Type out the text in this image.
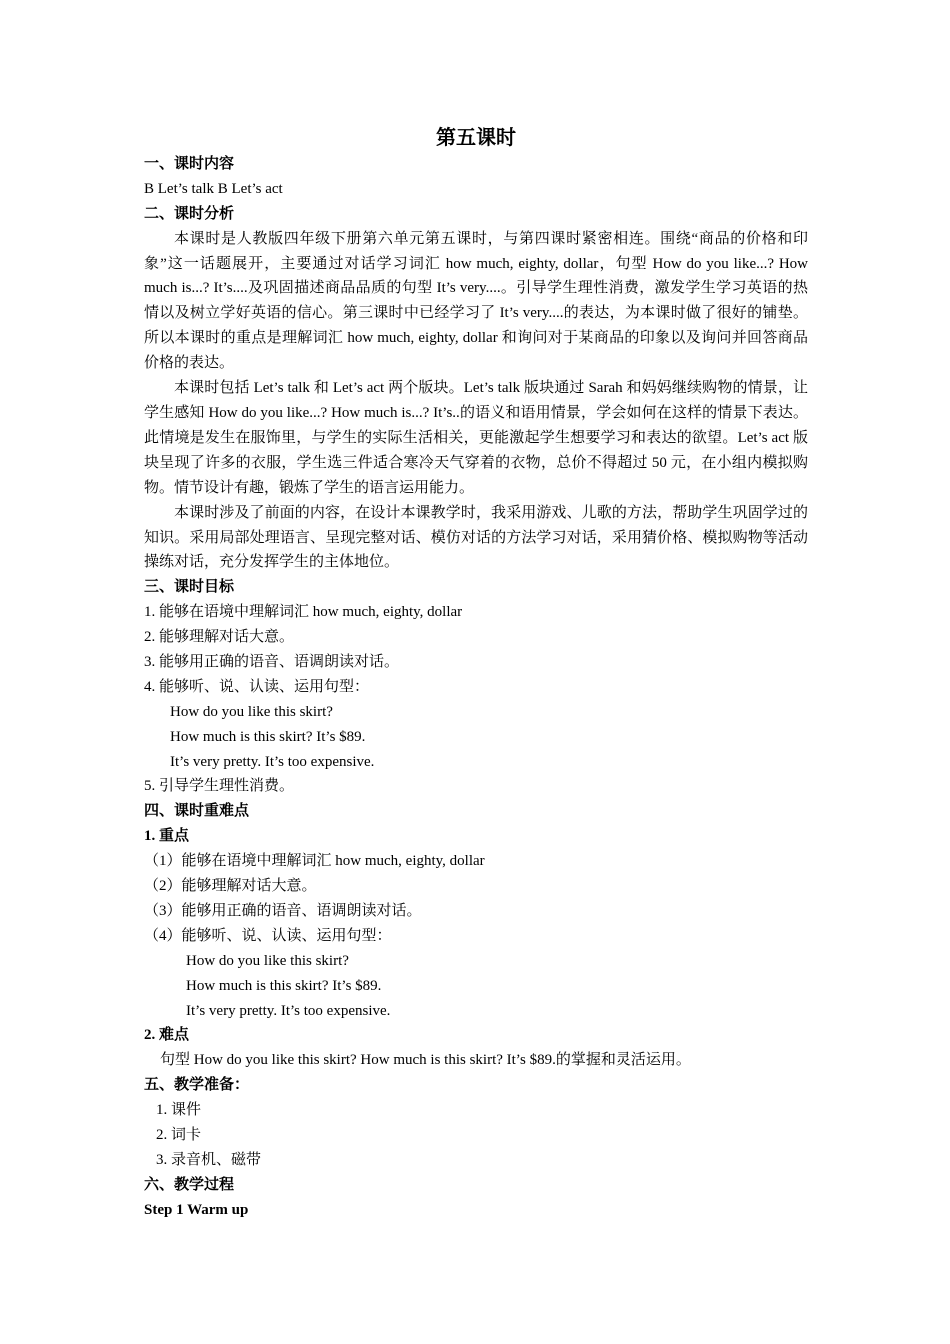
第五课时
一、课时内容
B Let’s talk B Let’s act
二、课时分析
本课时是人教版四年级下册第六单元第五课时，与第四课时紧密相连。围绕“商品的价格和印象”这一话题展开，主要通过对话学习词汇 how much, eighty, dollar，句型 How do you like...? How much is...? It’s....及巩固描述商品品质的句型 It’s very....。引导学生理性消费，激发学生学习英语的热情以及树立学好英语的信心。第三课时中已经学习了 It’s very....的表达，为本课时做了很好的铺垫。所以本课时的重点是理解词汇 how much, eighty, dollar 和询问对于某商品的印象以及询问并回答商品价格的表达。
本课时包括 Let’s talk 和 Let’s act 两个版块。Let’s talk 版块通过 Sarah 和妈妈继续购物的情景，让学生感知 How do you like...? How much is...? It’s..的语义和语用情景，学会如何在这样的情景下表达。此情境是发生在服饰里，与学生的实际生活相关，更能激起学生想要学习和表达的欲望。Let’s act 版块呈现了许多的衣服，学生选三件适合寒冷天气穿着的衣物，总价不得超过 50 元，在小组内模拟购物。情节设计有趣，锻炼了学生的语言运用能力。
本课时涉及了前面的内容，在设计本课教学时，我采用游戏、儿歌的方法，帮助学生巩固学过的知识。采用局部处理语言、呈现完整对话、模仿对话的方法学习对话，采用猜价格、模拟购物等活动操练对话，充分发挥学生的主体地位。
三、课时目标
1. 能够在语境中理解词汇 how much, eighty, dollar
2. 能够理解对话大意。
3. 能够用正确的语音、语调朗读对话。
4. 能够听、说、认读、运用句型：
How do you like this skirt?
How much is this skirt? It’s $89.
It’s very pretty. It’s too expensive.
5. 引导学生理性消费。
四、课时重难点
1. 重点
（1）能够在语境中理解词汇 how much, eighty, dollar
（2）能够理解对话大意。
（3）能够用正确的语音、语调朗读对话。
（4）能够听、说、认读、运用句型：
How do you like this skirt?
How much is this skirt? It’s $89.
It’s very pretty. It’s too expensive.
2. 难点
句型 How do you like this skirt? How much is this skirt? It’s $89.的掌握和灵活运用。
五、教学准备：
1. 课件
2. 词卡
3. 录音机、磁带
六、教学过程
Step 1 Warm up
